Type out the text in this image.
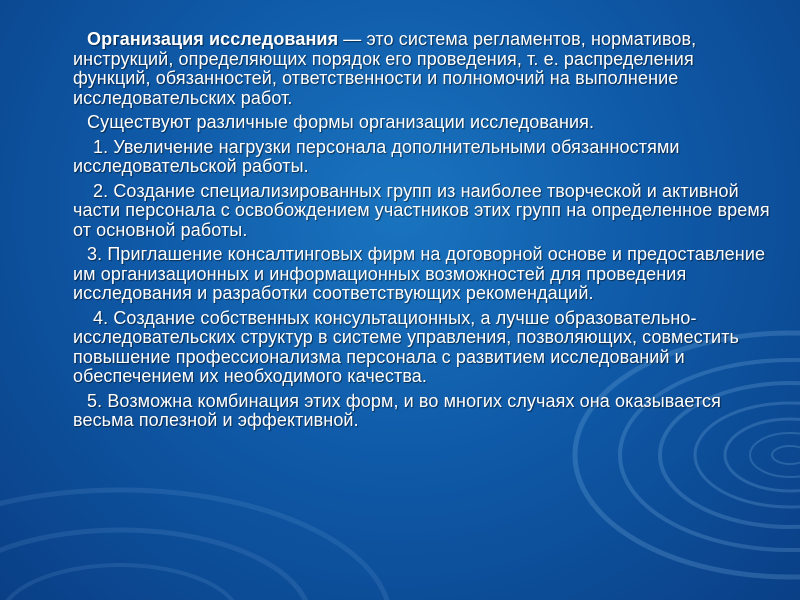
Организация исследования — это система регламентов, нормативов, инструкций, определяющих порядок его проведения, т. е. распределения функций, обязанностей, ответственности и полномочий на выполнение исследовательских работ.

Существуют различные формы организации исследования.

1. Увеличение нагрузки персонала дополнительными обязанностями исследовательской работы.

2. Создание специализированных групп из наиболее творческой и активной части персонала с освобождением участников этих групп на определенное время от основной работы.

3. Приглашение консалтинговых фирм на договорной основе и предоставление им организационных и информационных возможностей для проведения исследования и разработки соответствующих рекомендаций.

4. Создание собственных консультационных, а лучше образовательно-исследовательских структур в системе управления, позволяющих, совместить повышение профессионализма персонала с развитием исследований и обеспечением их необходимого качества.

5. Возможна комбинация этих форм, и во многих случаях она оказывается весьма полезной и эффективной.
